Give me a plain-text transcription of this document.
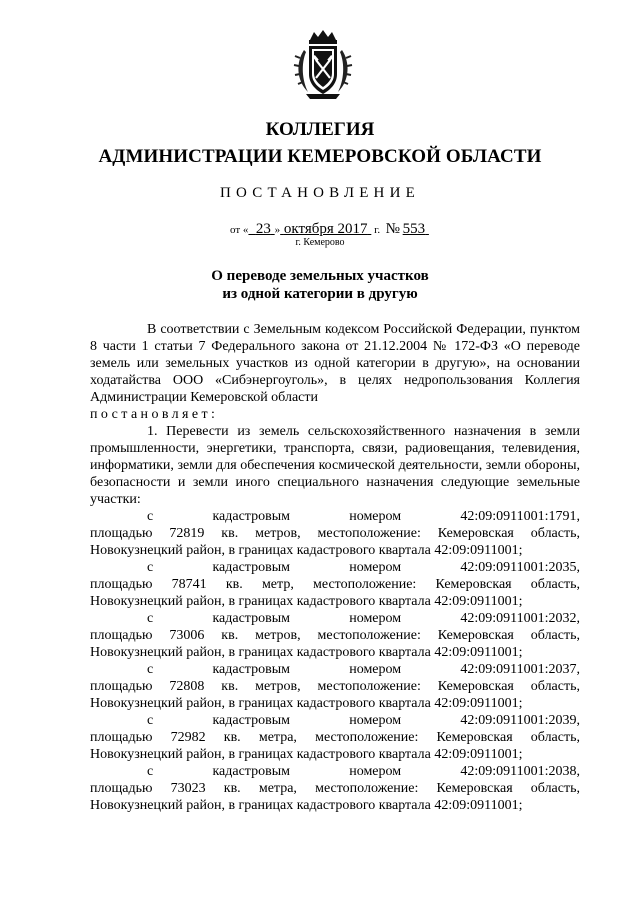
КОЛЛЕГИЯ
АДМИНИСТРАЦИИ КЕМЕРОВСКОЙ ОБЛАСТИ
ПОСТАНОВЛЕНИЕ
от « 23 » октября 2017 г. № 553
г. Кемерово
О переводе земельных участков
из одной категории в другую

В соответствии с Земельным кодексом Российской Федерации, пунктом 8 части 1 статьи 7 Федерального закона от 21.12.2004 № 172-ФЗ «О переводе земель или земельных участков из одной категории в другую», на основании ходатайства ООО «Сибэнергоуголь», в целях недропользования Коллегия Администрации Кемеровской области

постановляет:

1. Перевести из земель сельскохозяйственного назначения в земли промышленности, энергетики, транспорта, связи, радиовещания, телевидения, информатики, земли для обеспечения космической деятельности, земли обороны, безопасности и земли иного специального назначения следующие земельные участки:

с кадастровым номером 42:09:0911001:1791,

площадью 72819 кв. метров, местоположение: Кемеровская область, Новокузнецкий район, в границах кадастрового квартала 42:09:0911001;

с кадастровым номером 42:09:0911001:2035,

площадью 78741 кв. метр, местоположение: Кемеровская область, Новокузнецкий район, в границах кадастрового квартала 42:09:0911001;

с кадастровым номером 42:09:0911001:2032,

площадью 73006 кв. метров, местоположение: Кемеровская область, Новокузнецкий район, в границах кадастрового квартала 42:09:0911001;

с кадастровым номером 42:09:0911001:2037,

площадью 72808 кв. метров, местоположение: Кемеровская область, Новокузнецкий район, в границах кадастрового квартала 42:09:0911001;

с кадастровым номером 42:09:0911001:2039,

площадью 72982 кв. метра, местоположение: Кемеровская область, Новокузнецкий район, в границах кадастрового квартала 42:09:0911001;

с кадастровым номером 42:09:0911001:2038,

площадью 73023 кв. метра, местоположение: Кемеровская область, Новокузнецкий район, в границах кадастрового квартала 42:09:0911001;
